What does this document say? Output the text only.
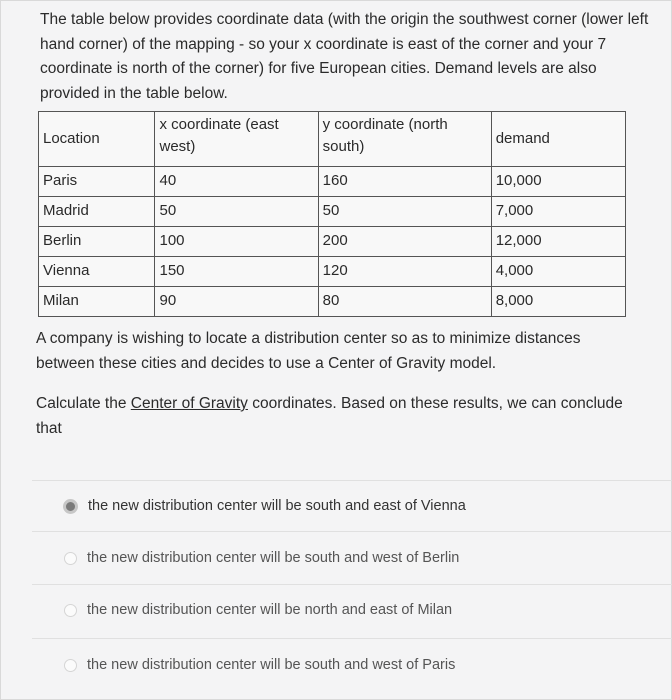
The table below provides coordinate data (with the origin the southwest corner (lower left hand corner) of the mapping - so your x coordinate is east of the corner and your 7 coordinate is north of the corner) for five European cities. Demand levels are also provided in the table below.
Location	x coordinate (east west)	y coordinate (north south)	demand
Paris	40	160	10,000
Madrid	50	50	7,000
Berlin	100	200	12,000
Vienna	150	120	4,000
Milan	90	80	8,000
A company is wishing to locate a distribution center so as to minimize distances between these cities and decides to use a Center of Gravity model.
Calculate the Center of Gravity coordinates. Based on these results, we can conclude that
the new distribution center will be south and east of Vienna
the new distribution center will be south and west of Berlin
the new distribution center will be north and east of Milan
the new distribution center will be south and west of Paris
